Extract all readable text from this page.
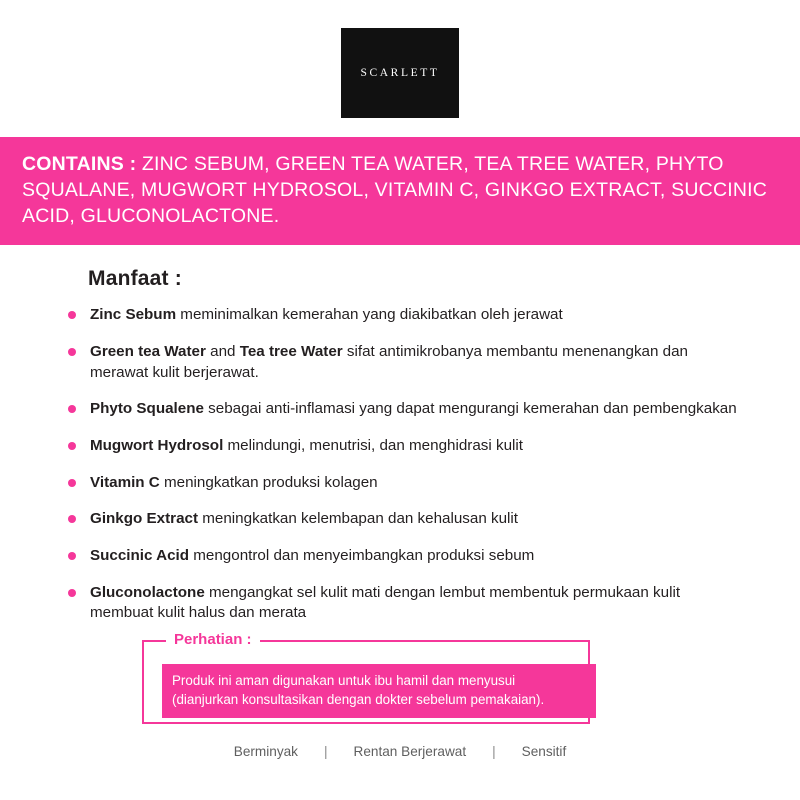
SCARLETT

CONTAINS : ZINC SEBUM, GREEN TEA WATER, TEA TREE WATER, PHYTO SQUALANE, MUGWORT HYDROSOL, VITAMIN C, GINKGO EXTRACT, SUCCINIC ACID, GLUCONOLACTONE.

Manfaat :
Zinc Sebum meminimalkan kemerahan yang diakibatkan oleh jerawat
Green tea Water and Tea tree Water sifat antimikrobanya membantu menenangkan dan merawat kulit berjerawat.
Phyto Squalene sebagai anti-inflamasi yang dapat mengurangi kemerahan dan pembengkakan
Mugwort Hydrosol melindungi, menutrisi, dan menghidrasi kulit
Vitamin C meningkatkan produksi kolagen
Ginkgo Extract meningkatkan kelembapan dan kehalusan kulit
Succinic Acid mengontrol dan menyeimbangkan produksi sebum
Gluconolactone mengangkat sel kulit mati dengan lembut membentuk permukaan kulit membuat kulit halus dan merata
Perhatian :
Produk ini aman digunakan untuk ibu hamil dan menyusui
(dianjurkan konsultasikan dengan dokter sebelum pemakaian).
Berminyak	|	Rentan Berjerawat	|	Sensitif
